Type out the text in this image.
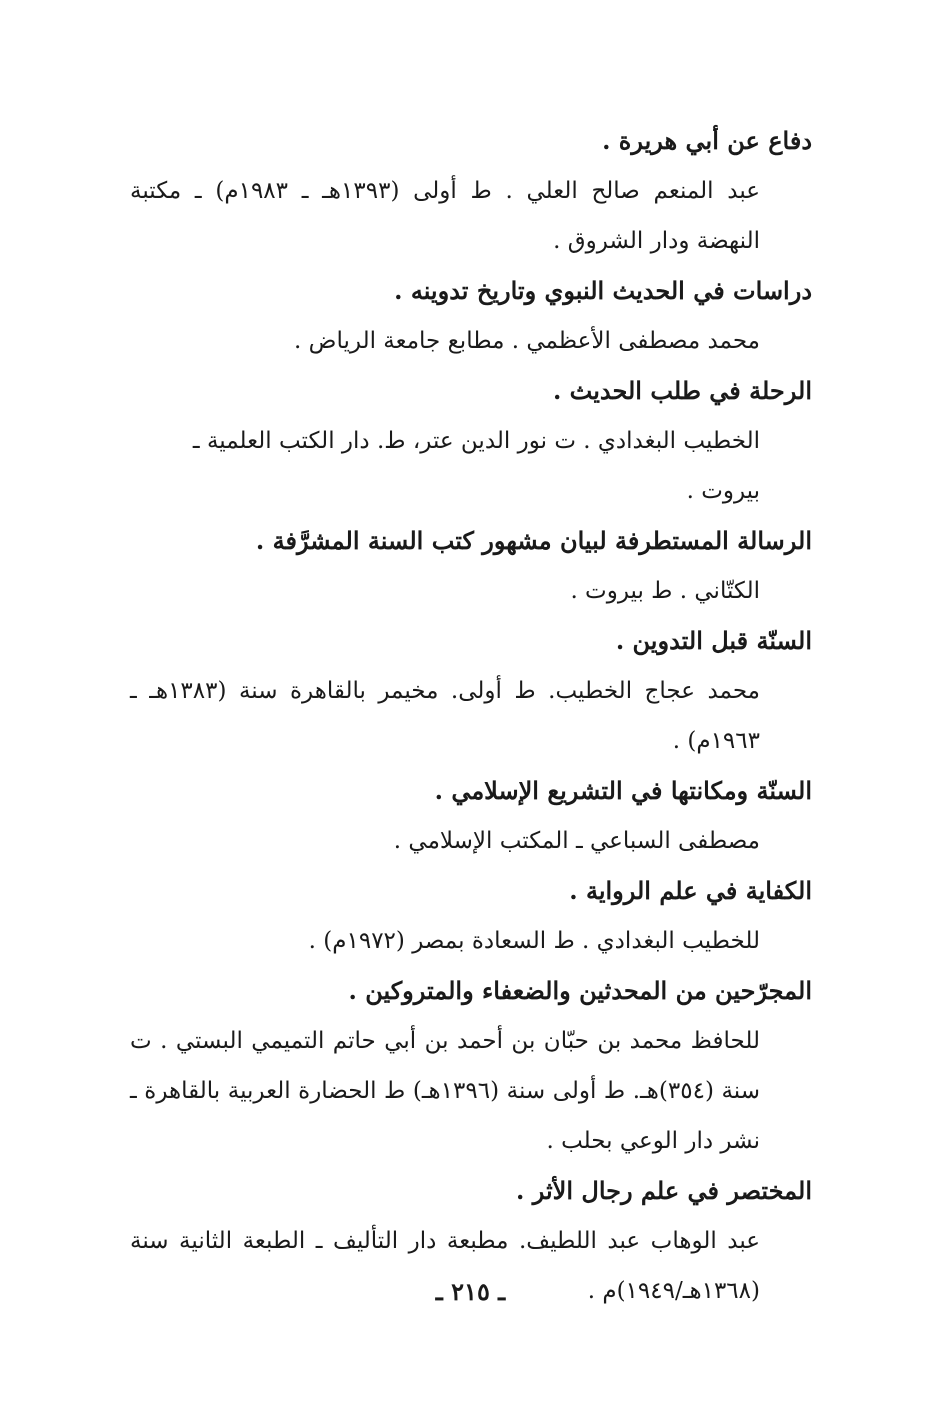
دفاع عن أبي هريرة .

عبد المنعم صالح العلي . ط أولى (١٣٩٣هـ ـ ١٩٨٣م) ـ مكتبة النهضة ودار الشروق .

دراسات في الحديث النبوي وتاريخ تدوينه .

محمد مصطفى الأعظمي . مطابع جامعة الرياض .

الرحلة في طلب الحديث .

الخطيب البغدادي . ت نور الدين عتر، ط. دار الكتب العلمية ـ بيروت .

الرسالة المستطرفة لبيان مشهور كتب السنة المشرَّفة .

الكتّاني . ط بيروت .

السنّة قبل التدوين .

محمد عجاج الخطيب. ط أولى. مخيمر بالقاهرة سنة (١٣٨٣هـ ـ ١٩٦٣م) .

السنّة ومكانتها في التشريع الإسلامي .

مصطفى السباعي ـ المكتب الإسلامي .

الكفاية في علم الرواية .

للخطيب البغدادي . ط السعادة بمصر (١٩٧٢م) .

المجرّحين من المحدثين والضعفاء والمتروكين .

للحافظ محمد بن حبّان بن أحمد بن أبي حاتم التميمي البستي . ت سنة (٣٥٤)هـ. ط أولى سنة (١٣٩٦هـ) ط الحضارة العربية بالقاهرة ـ نشر دار الوعي بحلب .

المختصر في علم رجال الأثر .

عبد الوهاب عبد اللطيف. مطبعة دار التأليف ـ الطبعة الثانية سنة (١٣٦٨هـ/١٩٤٩)م .

ـ ٢١٥ ـ
